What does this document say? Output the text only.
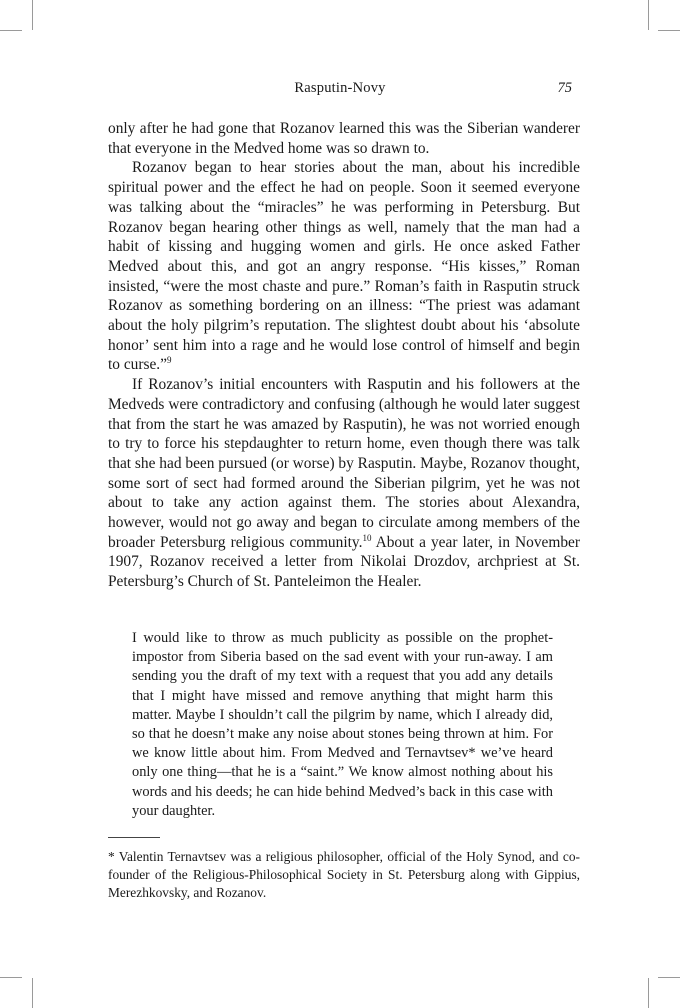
Rasputin-Novy	75

only after he had gone that Rozanov learned this was the Siberian wanderer that everyone in the Medved home was so drawn to.

Rozanov began to hear stories about the man, about his incredible spiritual power and the effect he had on people. Soon it seemed everyone was talking about the “miracles” he was performing in Petersburg. But Rozanov began hearing other things as well, namely that the man had a habit of kissing and hugging women and girls. He once asked Father Medved about this, and got an angry response. “His kisses,” Roman insisted, “were the most chaste and pure.” Roman’s faith in Rasputin struck Rozanov as something bordering on an illness: “The priest was adamant about the holy pilgrim’s reputation. The slightest doubt about his ‘absolute honor’ sent him into a rage and he would lose control of himself and begin to curse.”$^9$

If Rozanov’s initial encounters with Rasputin and his followers at the Medveds were contradictory and confusing (although he would later suggest that from the start he was amazed by Rasputin), he was not worried enough to try to force his stepdaughter to return home, even though there was talk that she had been pursued (or worse) by Rasputin. Maybe, Rozanov thought, some sort of sect had formed around the Siberian pilgrim, yet he was not about to take any action against them. The stories about Alexandra, however, would not go away and began to circulate among members of the broader Petersburg religious community.$^{10}$ About a year later, in November 1907, Rozanov received a letter from Nikolai Drozdov, archpriest at St. Petersburg’s Church of St. Panteleimon the Healer.

I would like to throw as much publicity as possible on the prophet-impostor from Siberia based on the sad event with your run-away. I am sending you the draft of my text with a request that you add any details that I might have missed and remove anything that might harm this matter. Maybe I shouldn’t call the pilgrim by name, which I already did, so that he doesn’t make any noise about stones being thrown at him. For we know little about him. From Medved and Ternavtsev* we’ve heard only one thing—that he is a “saint.” We know almost nothing about his words and his deeds; he can hide behind Medved’s back in this case with your daughter.

* Valentin Ternavtsev was a religious philosopher, official of the Holy Synod, and co-founder of the Religious-Philosophical Society in St. Petersburg along with Gippius, Merezhkovsky, and Rozanov.
